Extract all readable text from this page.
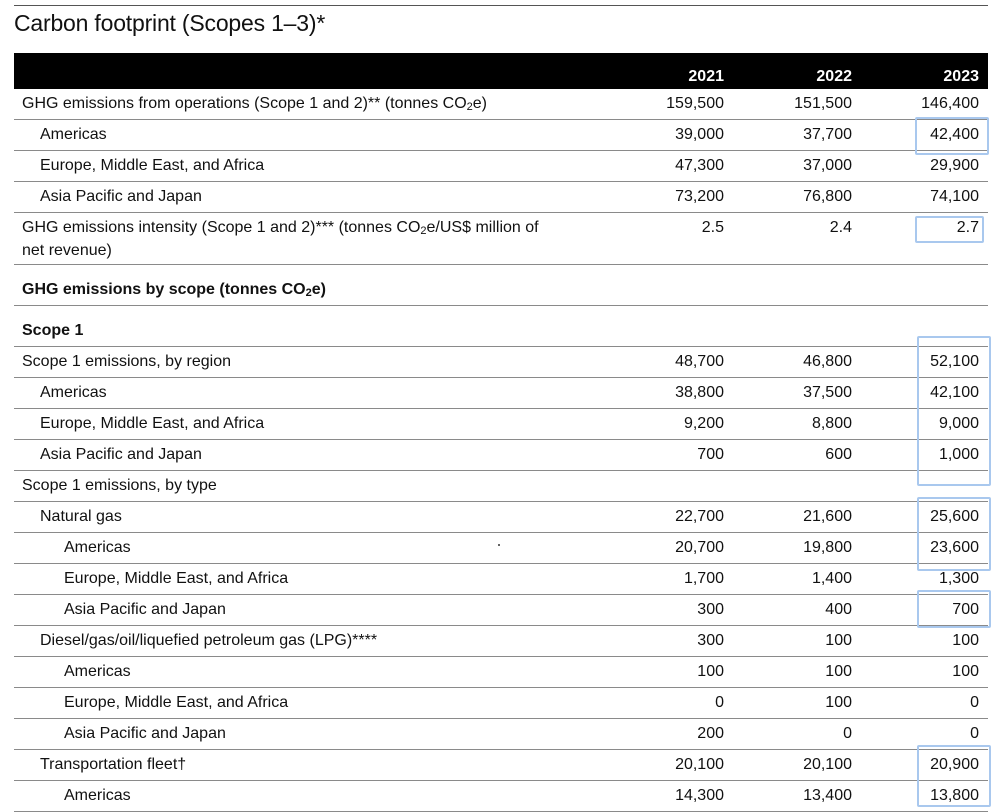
Carbon footprint (Scopes 1–3)*
2021	2022	2023
GHG emissions from operations (Scope 1 and 2)** (tonnes $CO_2e$)	159,500	151,500	146,400
Americas	39,000	37,700	42,400
Europe, Middle East, and Africa	47,300	37,000	29,900
Asia Pacific and Japan	73,200	76,800	74,100
GHG emissions intensity (Scope 1 and 2)*** (tonnes $CO_2e/US\$$ million of
net revenue)
2.5	2.4	2.7
GHG emissions by scope (tonnes $CO_2e$)
Scope 1
Scope 1 emissions, by region	48,700	46,800	52,100
Americas	38,800	37,500	42,100
Europe, Middle East, and Africa	9,200	8,800	9,000
Asia Pacific and Japan	700	600	1,000
Scope 1 emissions, by type
Natural gas	22,700	21,600	25,600
Americas	20,700	19,800	23,600
Europe, Middle East, and Africa	1,700	1,400	1,300
Asia Pacific and Japan	300	400	700
Diesel/gas/oil/liquefied petroleum gas (LPG)****	300	100	100
Americas	100	100	100
Europe, Middle East, and Africa	0	100	0
Asia Pacific and Japan	200	0	0
Transportation fleet†	20,100	20,100	20,900
Americas	14,300	13,400	13,800
